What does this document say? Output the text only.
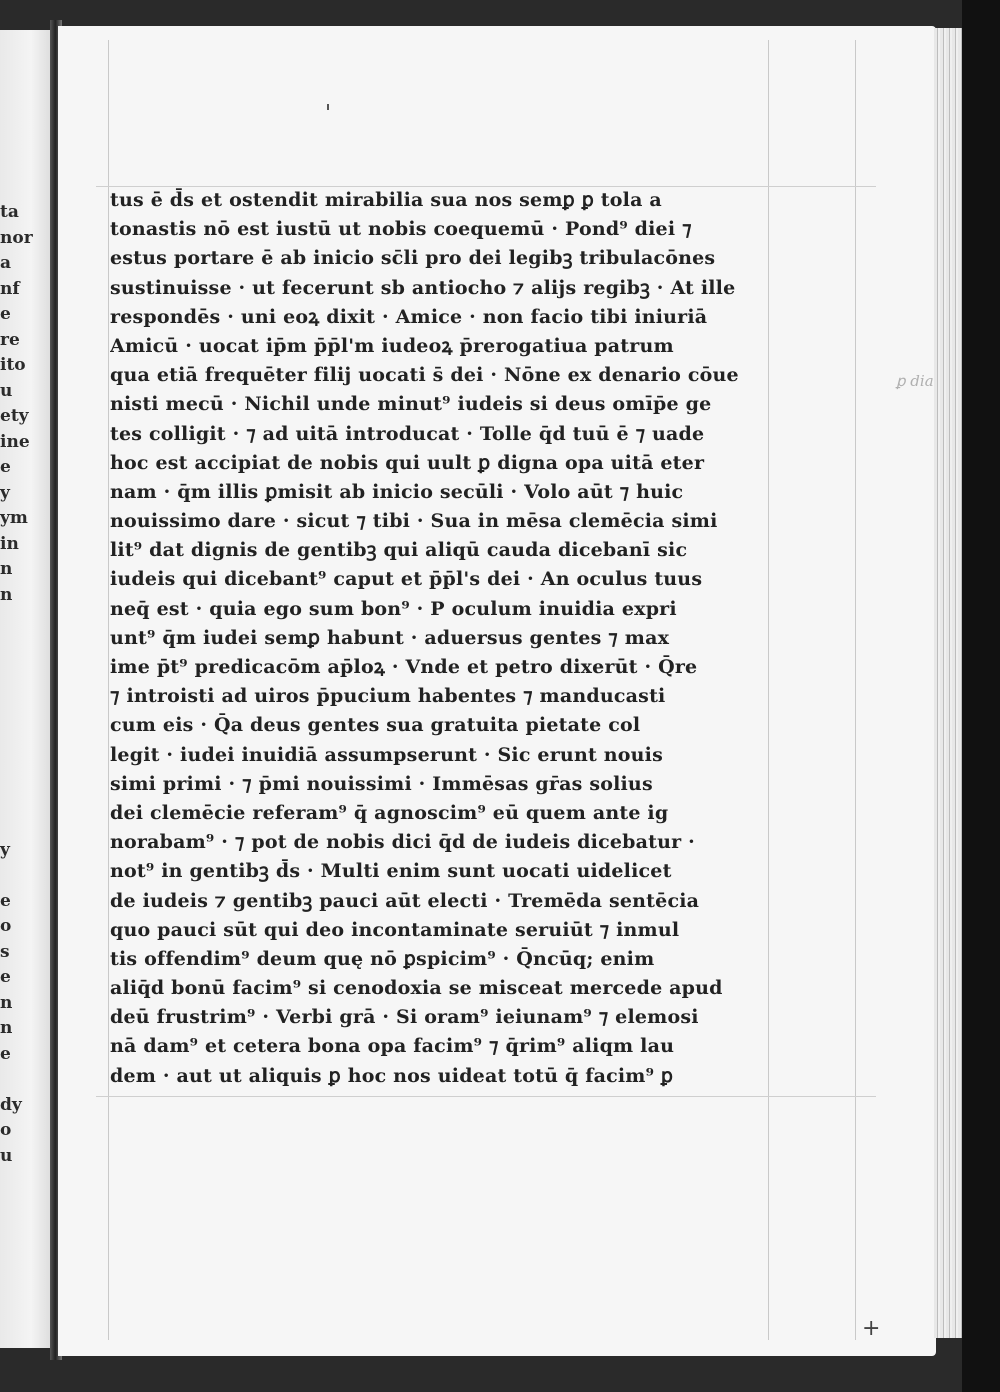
ta
nor
a
nf
e
re
ito
u
ety
ine
e
y
ym
in
n
n
y
e
o
s
e
n
n
e
dy
o
u
ꝑ dia
tus ē d̄s et ostendit mirabilia sua nos semꝑ ꝑ tola a
tonastis nō est iustū ut nobis coequemū · Pond⁹ diei ⁊
estus portare ē ab inicio sc̄li pro dei legibꝫ tribulacōnes
sustinuisse · ut fecerunt sb antiocho ⁊ alijs regibꝫ · At ille
respondēs · uni eoꝝ dixit · Amice · non facio tibi iniuriā
Amicū · uocat ip̄m p̄p̄l'm iudeoꝝ p̄rerogatiua patrum
qua etiā frequēter filij uocati s̄ dei · Nōne ex denario cōue
nisti mecū · Nichil unde minut⁹ iudeis si deus omīp̄e ge
tes colligit · ⁊ ad uitā introducat · Tolle q̄d tuū ē ⁊ uade
hoc est accipiat de nobis qui uult ꝑ digna opa uitā eter
nam · q̄m illis ꝑmisit ab inicio secūli · Volo aūt ⁊ huic
nouissimo dare · sicut ⁊ tibi · Sua in mēsa clemēcia simi
lit⁹ dat dignis de gentibꝫ qui aliqū cauda dicebanī sic
iudeis qui dicebant⁹ caput et p̄p̄l's dei · An oculus tuus
neq̄ est · quia ego sum bon⁹ · P oculum inuidia expri
unt⁹ q̄m iudei semꝑ habunt · aduersus gentes ⁊ max
ime p̄t⁹ predicacōm ap̄loꝝ · Vnde et petro dixerūt · Q̄re
⁊ introisti ad uiros p̄pucium habentes ⁊ manducasti
cum eis · Q̄a deus gentes sua gratuita pietate col
legit · iudei inuidiā assumpserunt · Sic erunt nouis
simi primi · ⁊ p̄mi nouissimi · Immēsas gr̄as solius
dei clemēcie referam⁹ q̄ agnoscim⁹ eū quem ante ig
norabam⁹ · ⁊ pot de nobis dici q̄d de iudeis dicebatur ·
not⁹ in gentibꝫ d̄s · Multi enim sunt uocati uidelicet
de iudeis ⁊ gentibꝫ pauci aūt electi · Tremēda sentēcia
quo pauci sūt qui deo incontaminate seruiūt ⁊ inmul
tis offendim⁹ deum quę nō ꝑspicim⁹ · Q̄ncūq; enim
aliq̄d bonū facim⁹ si cenodoxia se misceat mercede apud
deū frustrim⁹ · Verbi grā · Si oram⁹ ieiunam⁹ ⁊ elemosi
nā dam⁹ et cetera bona opa facim⁹ ⁊ q̄rim⁹ aliqm lau
dem · aut ut aliquis ꝑ hoc nos uideat totū q̄ facim⁹ ꝑ
+
